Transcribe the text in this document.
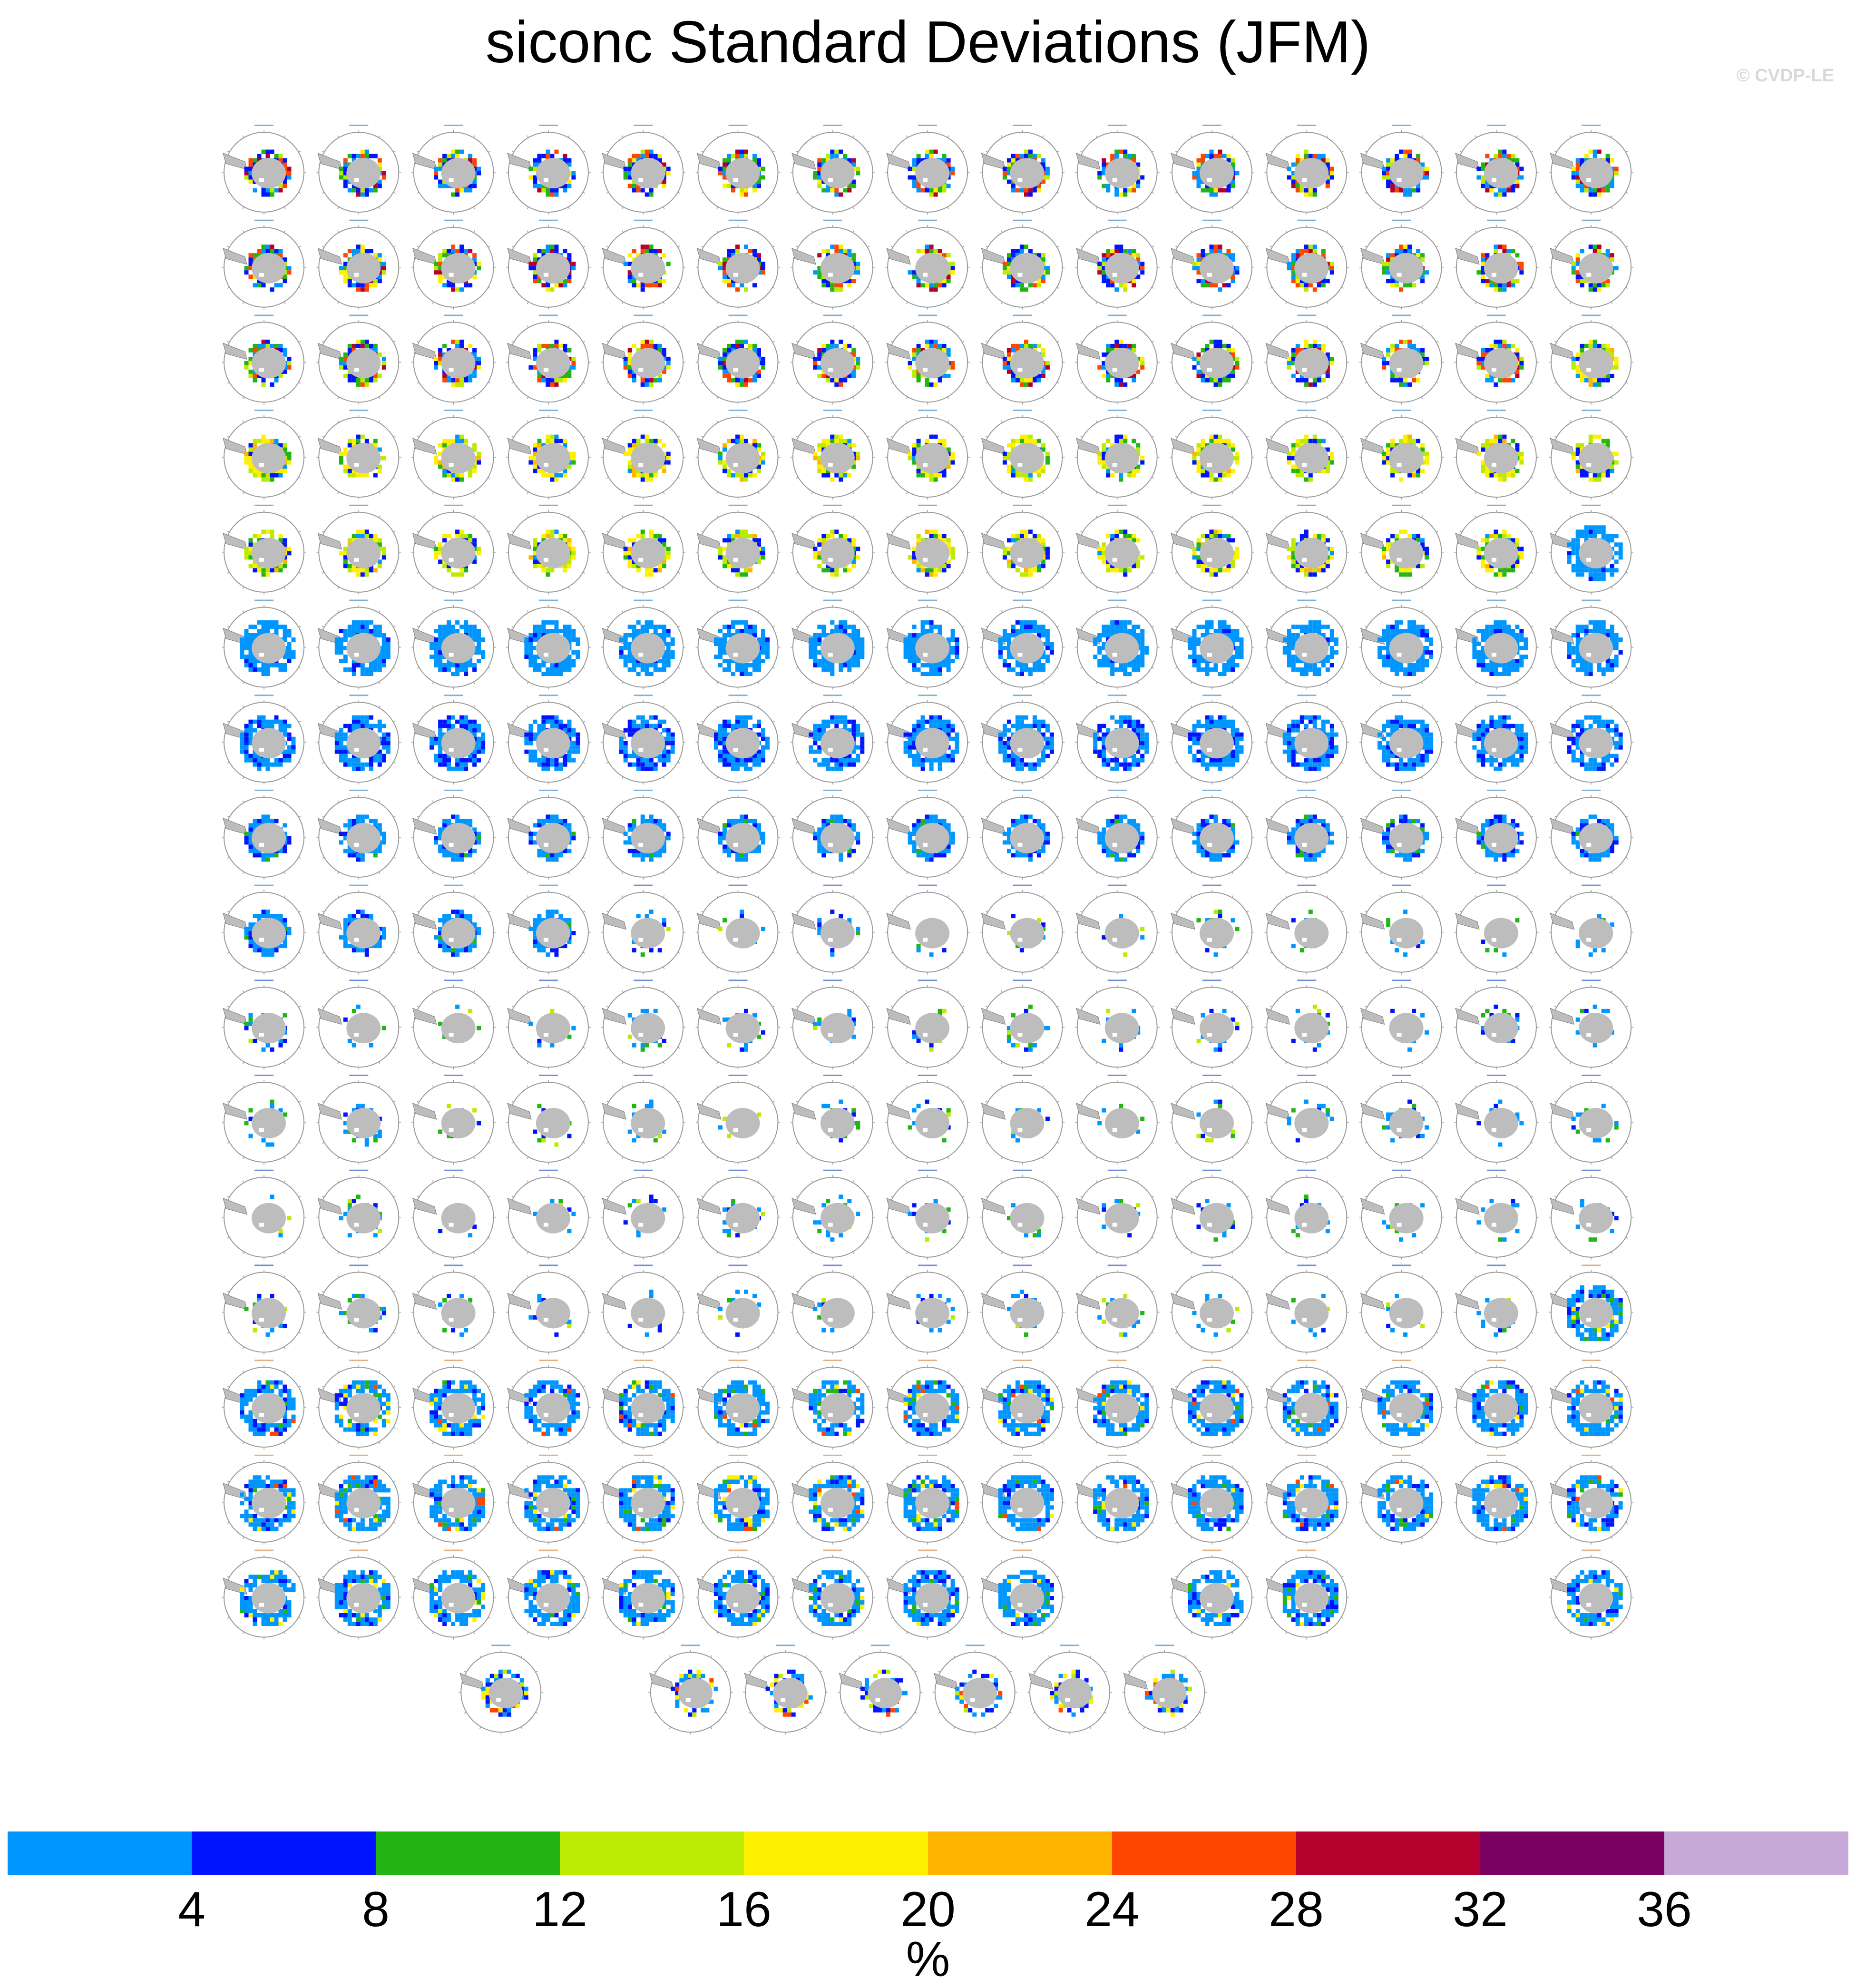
siconc Standard Deviations (JFM)
© CVDP-LE
4	8	12	16	20	24	28	32	36
%
